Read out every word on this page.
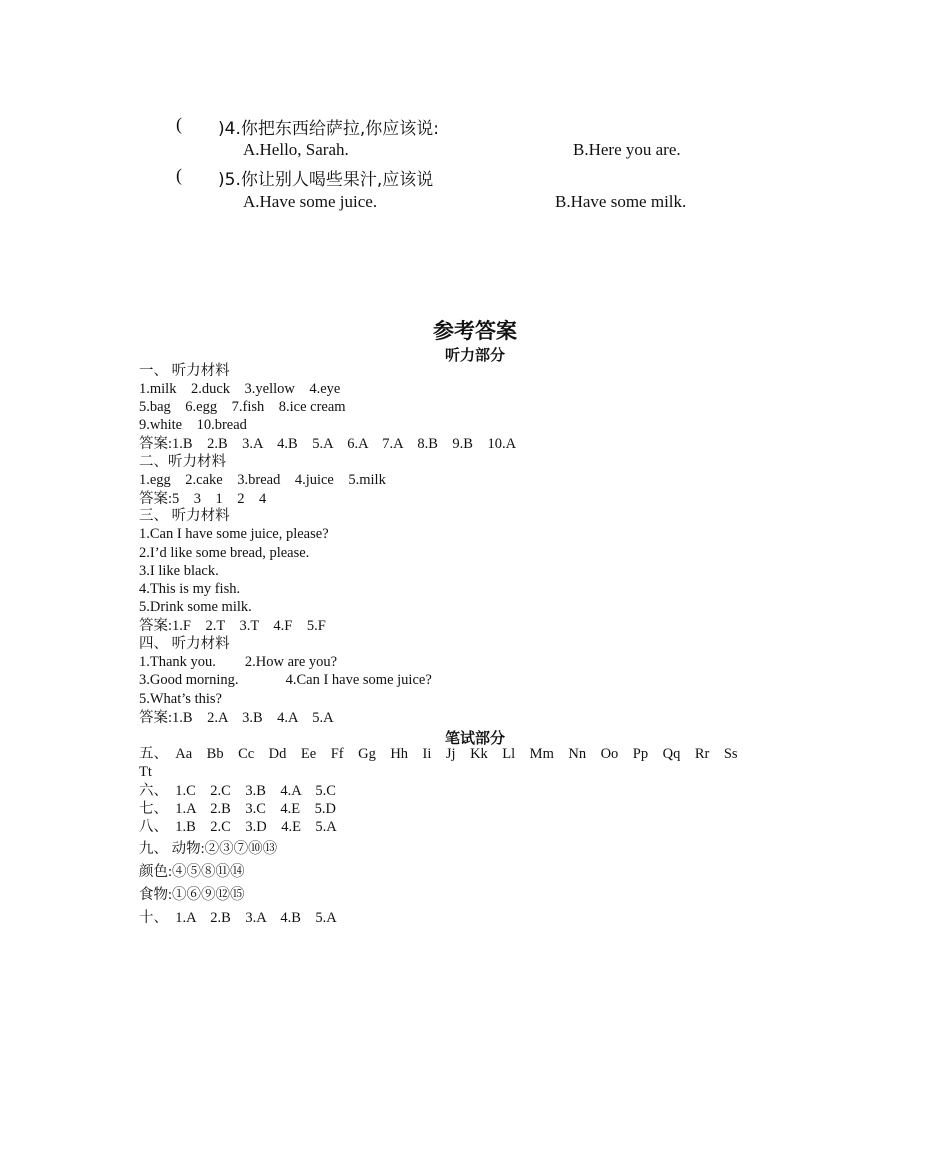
( )4.你把东西给萨拉,你应该说:
A.Hello, Sarah.	B.Here you are.
( )5.你让别人喝些果汁,应该说
A.Have some juice.	B.Have some milk.
参考答案
听力部分
一、 听力材料
1.milk    2.duck    3.yellow    4.eye
5.bag    6.egg    7.fish    8.ice cream
9.white    10.bread
答案:1.B    2.B    3.A    4.B    5.A    6.A    7.A    8.B    9.B    10.A
二、听力材料
1.egg    2.cake    3.bread    4.juice    5.milk
答案:5    3    1    2    4
三、 听力材料
1.Can I have some juice, please?
2.I’d like some bread, please.
3.I like black.
4.This is my fish.
5.Drink some milk.
答案:1.F    2.T    3.T    4.F    5.F
四、 听力材料
1.Thank you.        2.How are you?
3.Good morning.             4.Can I have some juice?
5.What’s this?
答案:1.B    2.A    3.B    4.A    5.A
笔试部分
五、  Aa    Bb    Cc    Dd    Ee    Ff    Gg    Hh    Ii    Jj    Kk    Ll    Mm    Nn    Oo    Pp    Qq    Rr    Ss
Tt
六、  1.C    2.C    3.B    4.A    5.C
七、  1.A    2.B    3.C    4.E    5.D
八、  1.B    2.C    3.D    4.E    5.A
九、 动物:②③⑦⑩⑬
颜色:④⑤⑧⑪⑭
食物:①⑥⑨⑫⑮
十、  1.A    2.B    3.A    4.B    5.A
